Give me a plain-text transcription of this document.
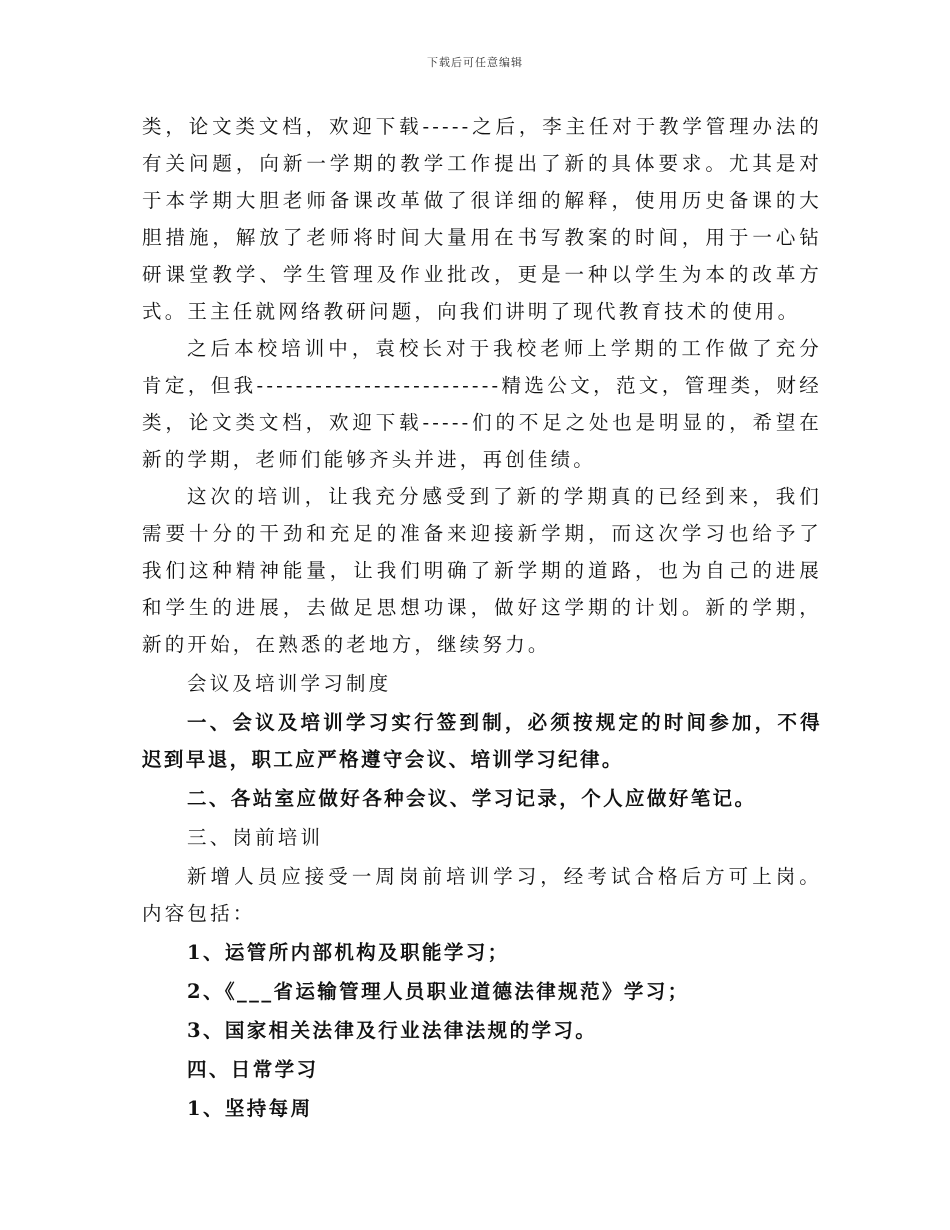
下载后可任意编辑

类，论文类文档，欢迎下载-----之后，李主任对于教学管理办法的有关问题，向新一学期的教学工作提出了新的具体要求。尤其是对于本学期大胆老师备课改革做了很详细的解释，使用历史备课的大胆措施，解放了老师将时间大量用在书写教案的时间，用于一心钻研课堂教学、学生管理及作业批改，更是一种以学生为本的改革方式。王主任就网络教研问题，向我们讲明了现代教育技术的使用。

之后本校培训中，袁校长对于我校老师上学期的工作做了充分肯定，但我-------------------------精选公文，范文，管理类，财经类，论文类文档，欢迎下载-----们的不足之处也是明显的，希望在新的学期，老师们能够齐头并进，再创佳绩。

这次的培训，让我充分感受到了新的学期真的已经到来，我们需要十分的干劲和充足的准备来迎接新学期，而这次学习也给予了我们这种精神能量，让我们明确了新学期的道路，也为自己的进展和学生的进展，去做足思想功课，做好这学期的计划。新的学期，新的开始，在熟悉的老地方，继续努力。

会议及培训学习制度

一、会议及培训学习实行签到制，必须按规定的时间参加，不得迟到早退，职工应严格遵守会议、培训学习纪律。

二、各站室应做好各种会议、学习记录，个人应做好笔记。

三、岗前培训

新增人员应接受一周岗前培训学习，经考试合格后方可上岗。内容包括：

1、运管所内部机构及职能学习；

2、《___省运输管理人员职业道德法律规范》学习；

3、国家相关法律及行业法律法规的学习。

四、日常学习

1、坚持每周
